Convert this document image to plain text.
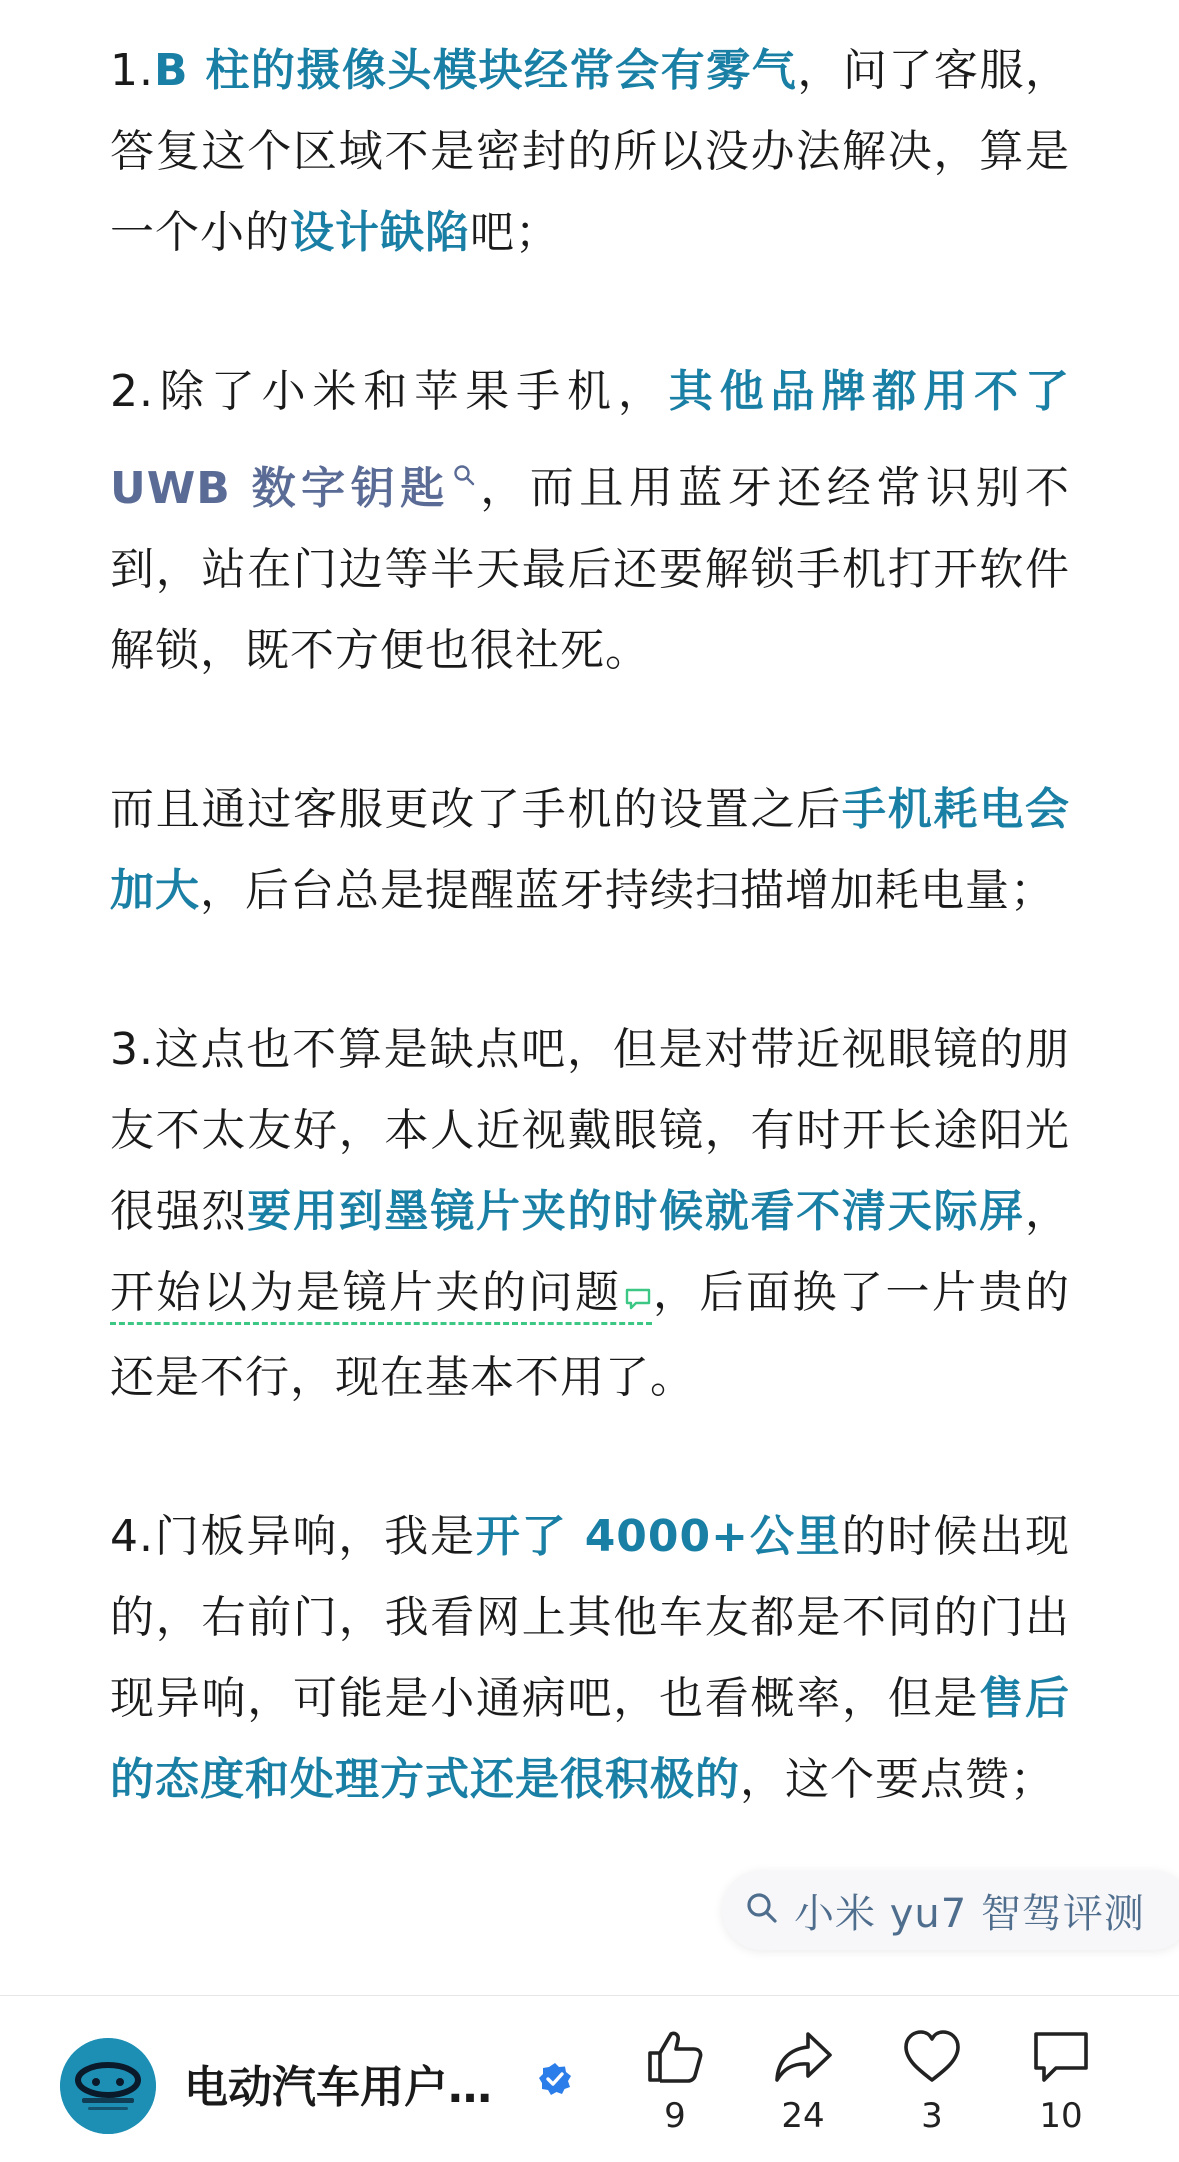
1.B 柱的摄像头模块经常会有雾气，问了客服，答复这个区域不是密封的所以没办法解决，算是一个小的设计缺陷吧；

2.除了小米和苹果手机，其他品牌都用不了UWB 数字钥匙 ，而且用蓝牙还经常识别不到，站在门边等半天最后还要解锁手机打开软件解锁，既不方便也很社死。

而且通过客服更改了手机的设置之后手机耗电会加大，后台总是提醒蓝牙持续扫描增加耗电量；

3.这点也不算是缺点吧，但是对带近视眼镜的朋友不太友好，本人近视戴眼镜，有时开长途阳光很强烈要用到墨镜片夹的时候就看不清天际屏，开始以为是镜片夹的问题 ，后面换了一片贵的还是不行，现在基本不用了。

4.门板异响，我是开了 4000+公里的时候出现的，右前门，我看网上其他车友都是不同的门出现异响，可能是小通病吧，也看概率，但是售后的态度和处理方式还是很积极的，这个要点赞；

小米 yu7 智驾评测
电动汽车用户…
9	24	3	10
